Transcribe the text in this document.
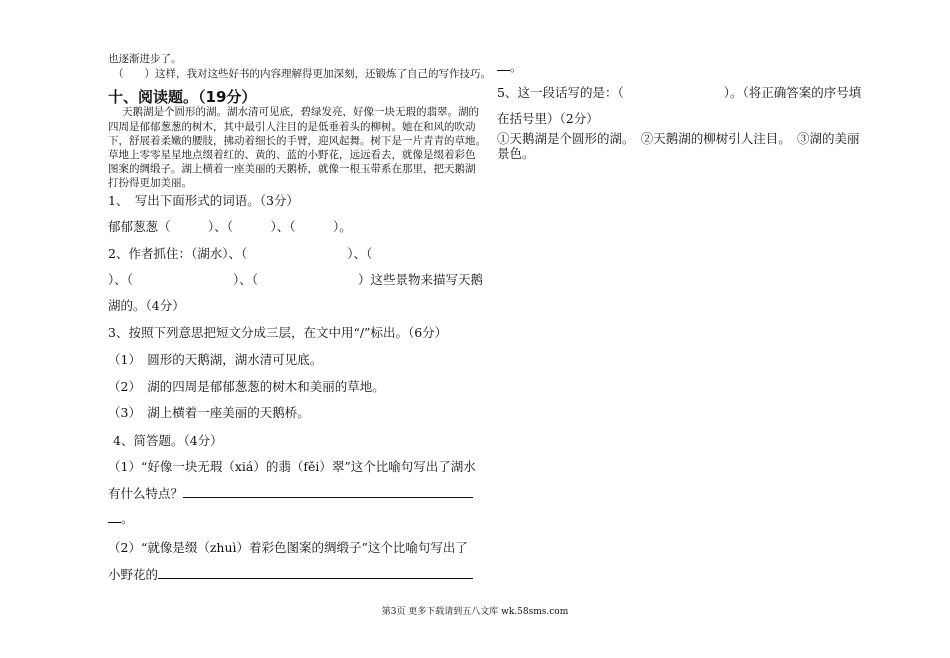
也逐渐进步了。
（　　）这样，我对这些好书的内容理解得更加深刻，还锻炼了自己的写作技巧。
十、阅读题。（19分）
天鹅湖是个圆形的湖。湖水清可见底，碧绿发亮，好像一块无瑕的翡翠。湖的
四周是郁郁葱葱的树木，其中最引人注目的是低垂着头的柳树。她在和风的吹动
下，舒展着柔嫩的腰肢，拂动着细长的手臂，迎风起舞。树下是一片青青的草地。
草地上零零星星地点缀着红的、黄的、蓝的小野花，远远看去，就像是缀着彩色
图案的绸缎子。湖上横着一座美丽的天鹅桥，就像一根玉带系在那里，把天鹅湖
打扮得更加美丽。
1、　写出下面形式的词语。（3分）
郁郁葱葱（　　　）、（　　　）、（　　　）。
2、作者抓住：（湖水）、（　　　　　　　　）、（
）、（　　　　　　　　）、（　　　　　　　　）这些景物来描写天鹅
湖的。（4分）
3、按照下列意思把短文分成三层，在文中用“/”标出。（6分）
（1）　圆形的天鹅湖，湖水清可见底。
（2）　湖的四周是郁郁葱葱的树木和美丽的草地。
（3）　湖上横着一座美丽的天鹅桥。
4、简答题。（4分）
（1）“好像一块无瑕（xiá）的翡（fěi）翠”这个比喻句写出了湖水
有什么特点？
。
（2）“就像是缀（zhuì）着彩色图案的绸缎子”这个比喻句写出了
小野花的
。
5、这一段话写的是：（　　　　　　　　）。（将正确答案的序号填
在括号里）（2分）
①天鹅湖是个圆形的湖。　②天鹅湖的柳树引人注目。　③湖的美丽
景色。
第3页 更多下载请到五八文库 wk.58sms.com
